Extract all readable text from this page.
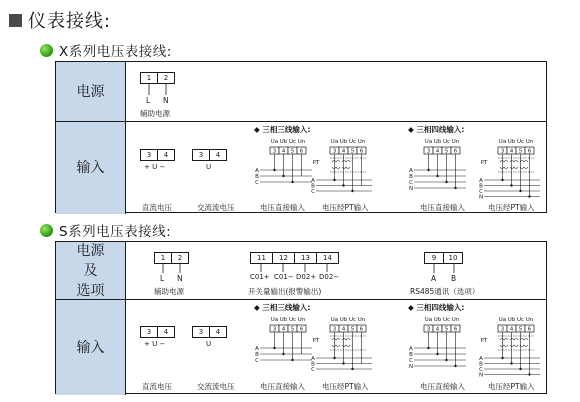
仪表接线:
X系列电压表接线:
电源
1	2
L N
辅助电源
输入
3	4
+ U −
直流电压
3	4
U
交流流电压
◆ 三相三线输入:
Ua Ub Uc Un
3 4 5 6
A
B
C
Ua Ub Uc Un
3 4 5 6
A
B
C
PT
电压直接输入 电压经PT输入
◆ 三相四线输入:
Ua Ub Uc Un
3 4 5 6
A
B
C
N
Ua Ub Uc Un
3 4 5 6
A
B
C
N
PT
电压直接输入	电压经PT输入
S系列电压表接线:
电源
及
选项
1	2
L N
辅助电源
11	12	13	14
C01+ C01− D02+ D02−
开关量输出(报警输出)
9	10
A B
RS485通讯（选项）
输入
3	4
+ U −
直流电压
3	4
U
交流流电压
◆ 三相三线输入:
Ua Ub Uc Un
3 4 5 6
A
B
C
Ua Ub Uc Un
3 4 5 6
A
B
C
PT
电压直接输入 电压经PT输入
◆ 三相四线输入:
Ua Ub Uc Un
3 4 5 6
A
B
C
N
Ua Ub Uc Un
3 4 5 6
A
B
C
N
PT
电压直接输入	电压经PT输入
